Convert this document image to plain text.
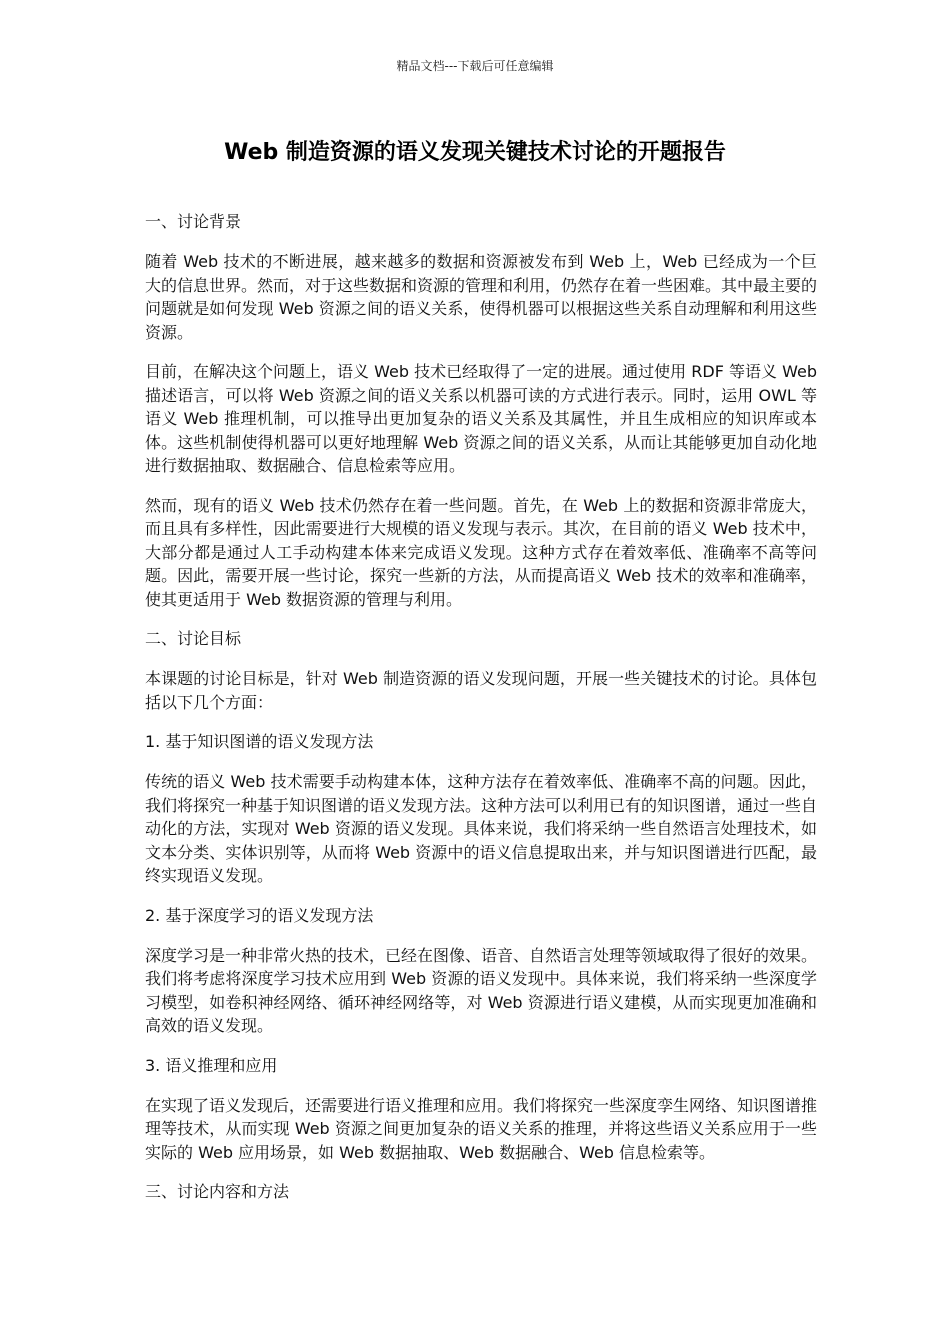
精品文档---下载后可任意编辑
Web 制造资源的语义发现关键技术讨论的开题报告
一、讨论背景

随着 Web 技术的不断进展，越来越多的数据和资源被发布到 Web 上，Web 已经成为一个巨大的信息世界。然而，对于这些数据和资源的管理和利用，仍然存在着一些困难。其中最主要的问题就是如何发现 Web 资源之间的语义关系，使得机器可以根据这些关系自动理解和利用这些资源。

目前，在解决这个问题上，语义 Web 技术已经取得了一定的进展。通过使用 RDF 等语义 Web 描述语言，可以将 Web 资源之间的语义关系以机器可读的方式进行表示。同时，运用 OWL 等语义 Web 推理机制，可以推导出更加复杂的语义关系及其属性，并且生成相应的知识库或本体。这些机制使得机器可以更好地理解 Web 资源之间的语义关系，从而让其能够更加自动化地进行数据抽取、数据融合、信息检索等应用。

然而，现有的语义 Web 技术仍然存在着一些问题。首先，在 Web 上的数据和资源非常庞大，而且具有多样性，因此需要进行大规模的语义发现与表示。其次，在目前的语义 Web 技术中，大部分都是通过人工手动构建本体来完成语义发现。这种方式存在着效率低、准确率不高等问题。因此，需要开展一些讨论，探究一些新的方法，从而提高语义 Web 技术的效率和准确率，使其更适用于 Web 数据资源的管理与利用。

二、讨论目标

本课题的讨论目标是，针对 Web 制造资源的语义发现问题，开展一些关键技术的讨论。具体包括以下几个方面：

1. 基于知识图谱的语义发现方法

传统的语义 Web 技术需要手动构建本体，这种方法存在着效率低、准确率不高的问题。因此，我们将探究一种基于知识图谱的语义发现方法。这种方法可以利用已有的知识图谱，通过一些自动化的方法，实现对 Web 资源的语义发现。具体来说，我们将采纳一些自然语言处理技术，如文本分类、实体识别等，从而将 Web 资源中的语义信息提取出来，并与知识图谱进行匹配，最终实现语义发现。

2. 基于深度学习的语义发现方法

深度学习是一种非常火热的技术，已经在图像、语音、自然语言处理等领域取得了很好的效果。我们将考虑将深度学习技术应用到 Web 资源的语义发现中。具体来说，我们将采纳一些深度学习模型，如卷积神经网络、循环神经网络等，对 Web 资源进行语义建模，从而实现更加准确和高效的语义发现。

3. 语义推理和应用

在实现了语义发现后，还需要进行语义推理和应用。我们将探究一些深度孪生网络、知识图谱推理等技术，从而实现 Web 资源之间更加复杂的语义关系的推理，并将这些语义关系应用于一些实际的 Web 应用场景，如 Web 数据抽取、Web 数据融合、Web 信息检索等。

三、讨论内容和方法
